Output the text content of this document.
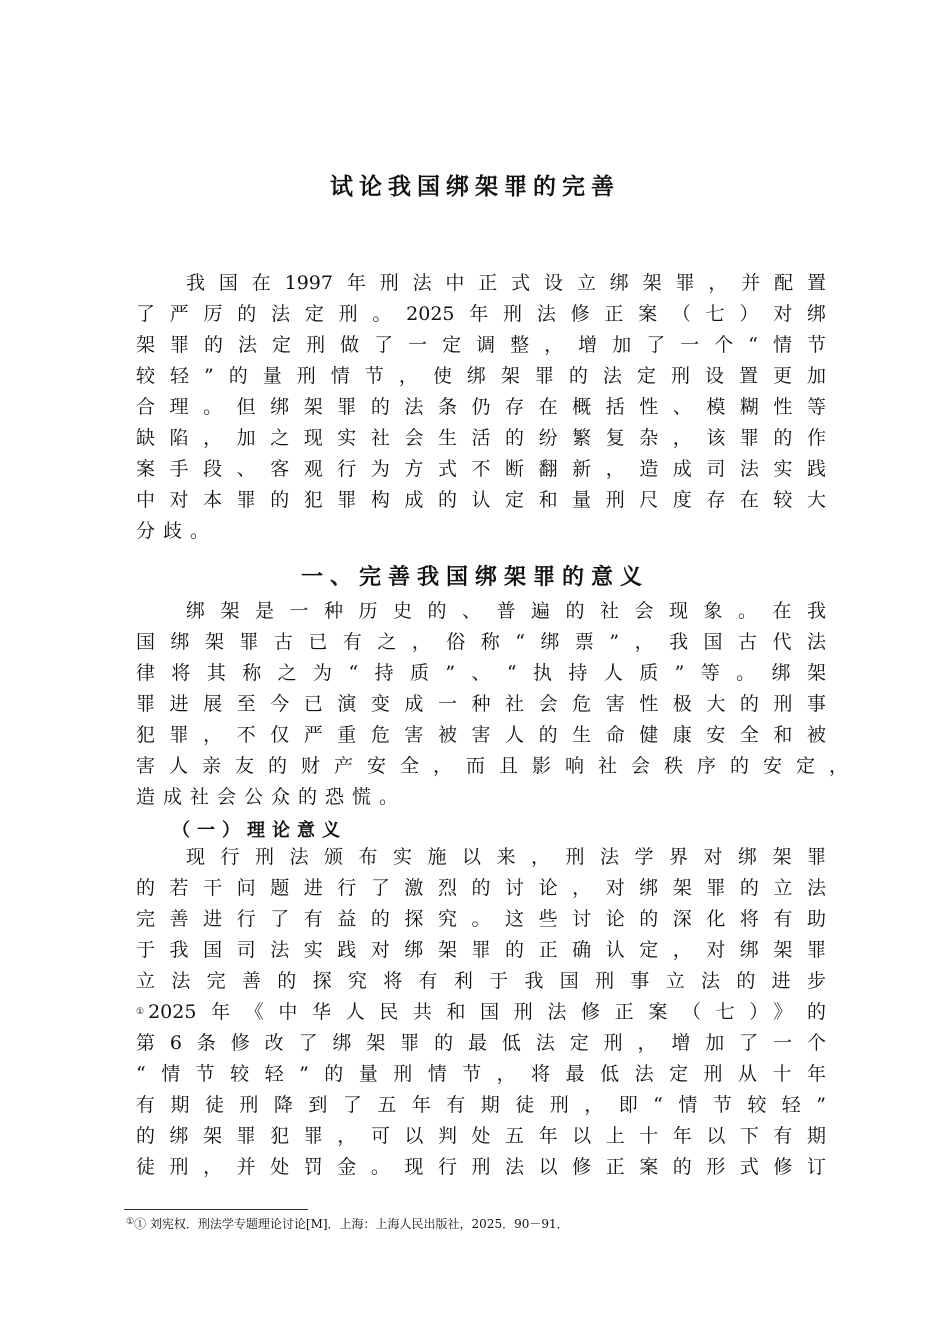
试论我国绑架罪的完善
我国在1997年刑法中正式设立绑架罪，并配置
了严厉的法定刑。2025年刑法修正案（七）对绑
架罪的法定刑做了一定调整，增加了一个“情节
较轻”的量刑情节，使绑架罪的法定刑设置更加
合理。但绑架罪的法条仍存在概括性、模糊性等
缺陷，加之现实社会生活的纷繁复杂，该罪的作
案手段、客观行为方式不断翻新，造成司法实践
中对本罪的犯罪构成的认定和量刑尺度存在较大
分歧。
一、完善我国绑架罪的意义
绑架是一种历史的、普遍的社会现象。在我
国绑架罪古已有之，俗称“绑票”，我国古代法
律将其称之为“持质”、“执持人质”等。绑架
罪进展至今已演变成一种社会危害性极大的刑事
犯罪，不仅严重危害被害人的生命健康安全和被
害人亲友的财产安全，而且影响社会秩序的安定，
造成社会公众的恐慌。
（一）理论意义
现行刑法颁布实施以来，刑法学界对绑架罪
的若干问题进行了激烈的讨论，对绑架罪的立法
完善进行了有益的探究。这些讨论的深化将有助
于我国司法实践对绑架罪的正确认定，对绑架罪
立法完善的探究将有利于我国刑事立法的进步
① 2025年《中华人民共和国刑法修正案（七）》的
第6条修改了绑架罪的最低法定刑，增加了一个
“情节较轻”的量刑情节，将最低法定刑从十年
有期徒刑降到了五年有期徒刑，即“情节较轻”
的绑架罪犯罪，可以判处五年以上十年以下有期
徒刑，并处罚金。现行刑法以修正案的形式修订
①① 刘宪权．刑法学专题理论讨论[M]．上海：上海人民出版社，2025．90－91．
